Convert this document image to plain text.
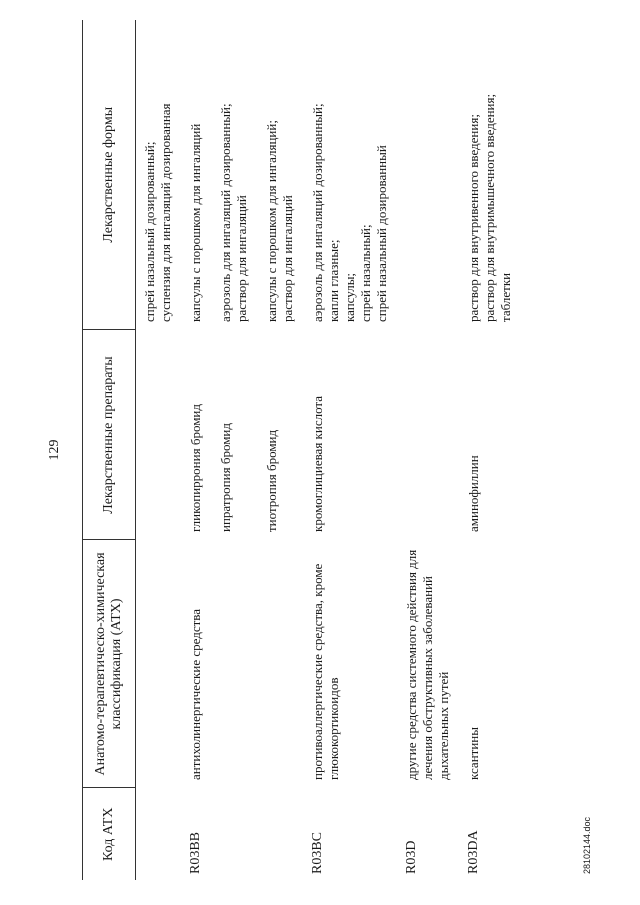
129
Код АТХ	Анатомо-терапевтическо-химическая классификация (АТХ)	Лекарственные препараты	Лекарственные формы

			спрей назальный дозированный; суспензия для ингаляций дозированная

R03BB	антихолинергические средства	гликопиррония бромид	капсулы с порошком для ингаляций

		ипратропия бромид	аэрозоль для ингаляций дозированный; раствор для ингаляций

		тиотропия бромид	капсулы с порошком для ингаляций; раствор для ингаляций

R03BC	противоаллергические средства, кроме глюкокортикоидов	кромоглициевая кислота	аэрозоль для ингаляций дозированный; капли глазные; капсулы; спрей назальный; спрей назальный дозированный

R03D	другие средства системного действия для лечения обструктивных заболеваний дыхательных путей		
R03DA	ксантины	аминофиллин	раствор для внутривенного введения; раствор для внутримышечного введения; таблетки
28102144.doc
